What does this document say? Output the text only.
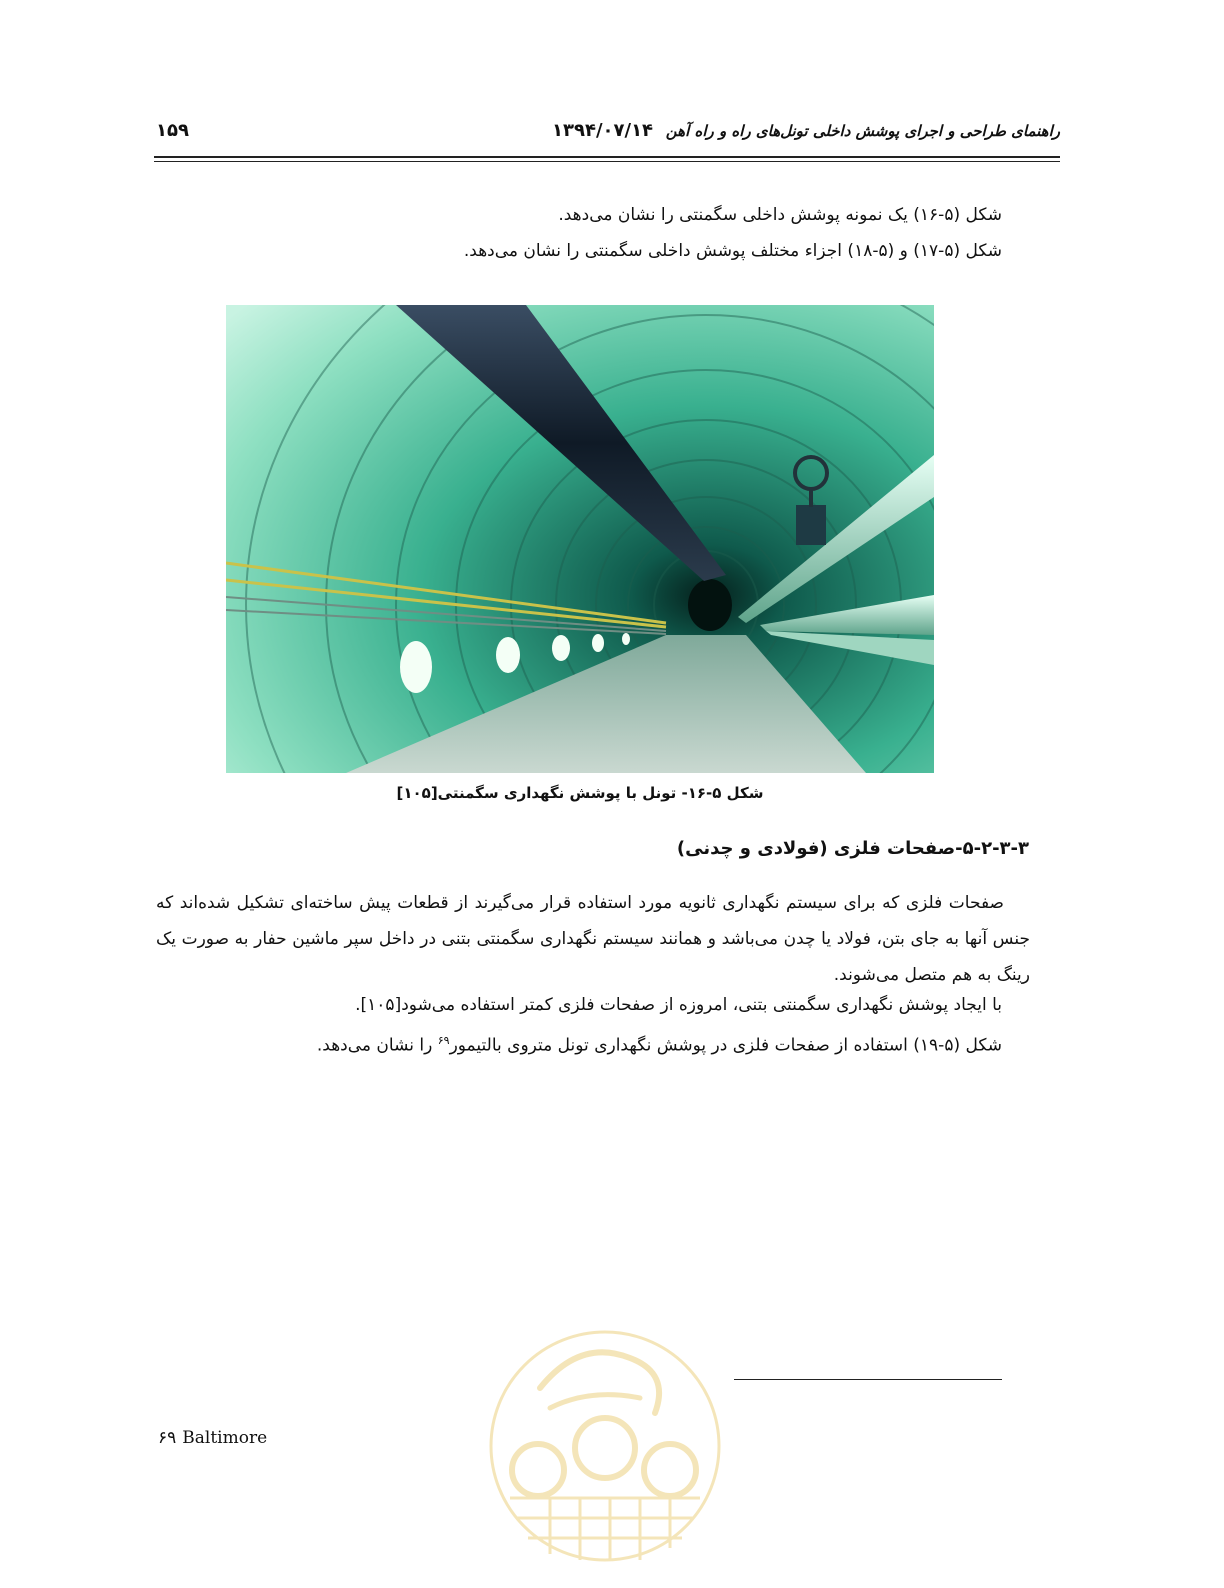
راهنمای طراحی و اجرای پوشش داخلی تونل‌های راه و راه آهن
۱۳۹۴/۰۷/۱۴
۱۵۹
شکل (۵-۱۶) یک نمونه پوشش داخلی سگمنتی را نشان می‌دهد.
شکل (۵-۱۷) و (۵-۱۸) اجزاء مختلف پوشش داخلی سگمنتی را نشان می‌دهد.
شکل ۵-۱۶- تونل با پوشش نگهداری سگمنتی[۱۰۵]
۵-۲-۳-۳-صفحات فلزی (فولادی و چدنی)
صفحات فلزی که برای سیستم نگهداری ثانویه مورد استفاده قرار می‌گیرند از قطعات پیش ساخته‌ای تشکیل شده‌اند که جنس آنها به جای بتن، فولاد یا چدن می‌باشد و همانند سیستم نگهداری سگمنتی بتنی در داخل سپر ماشین حفار به صورت یک رینگ به هم متصل می‌شوند.
با ایجاد پوشش نگهداری سگمنتی بتنی، امروزه از صفحات فلزی کمتر استفاده می‌شود[۱۰۵].
شکل (۵-۱۹) استفاده از صفحات فلزی در پوشش نگهداری تونل متروی بالتیمور$^{۶۹}$ را نشان می‌دهد.
۶۹ Baltimore
